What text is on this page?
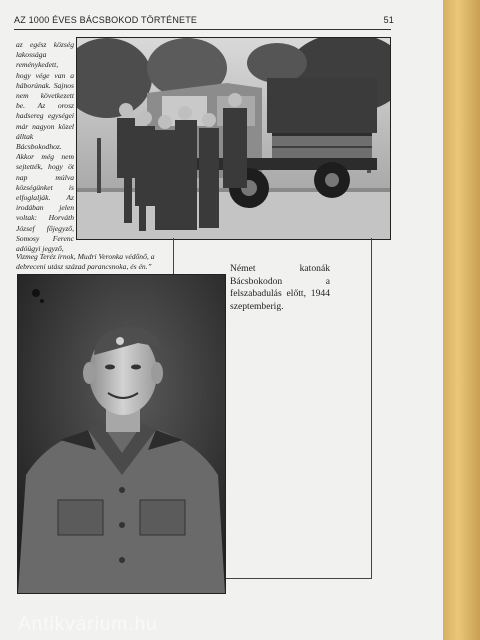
AZ 1000 ÉVES BÁCSBOKOD TÖRTÉNETE	51
az egész község lakossága reménykedett, hogy vége van a háborúnak. Sajnos nem következett be. Az orosz hadsereg egységei már nagyon közel álltak Bácsbokodhoz. Akkor még nem sejtették, hogy öt nap múlva községünket is elfoglalják. Az irodában jelen voltak: Horváth József főjegyző, Somosy Ferenc adóügyi jegyző,
Vizmeg Teréz írnok, Mudri Veronka védőnő, a debreceni utász század parancsnoka, és én.”	Német katonák Bácsbokodon a felszabadulás előtt, 1944 szeptemberig.
Antikvárium.hu
